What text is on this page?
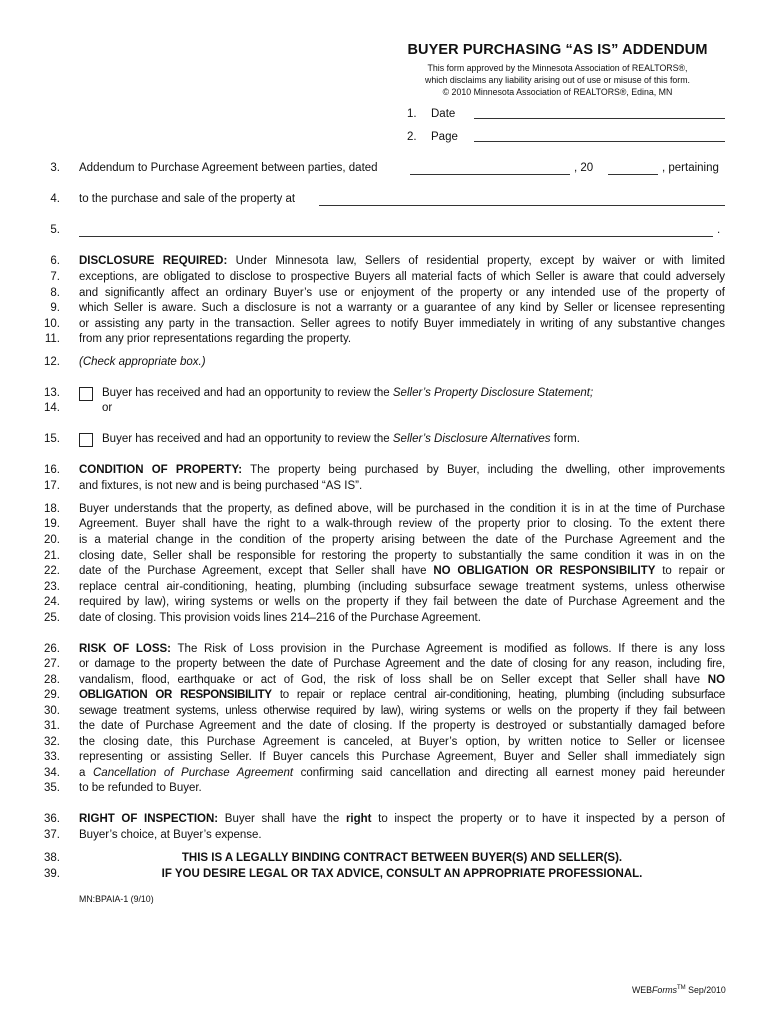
BUYER PURCHASING “AS IS” ADDENDUM
This form approved by the Minnesota Association of REALTORS®,
which disclaims any liability arising out of use or misuse of this form.
© 2010 Minnesota Association of REALTORS®, Edina, MN
1. Date
2. Page
3.
4.
5.
6.
7.
8.
9.
10.
11.
12.
13.
14.
15.
16.
17.
18.
19.
20.
21.
22.
23.
24.
25.
26.
27.
28.
29.
30.
31.
32.
33.
34.
35.
36.
37.
38.
39.
Addendum to Purchase Agreement between parties, dated	, 20	, pertaining
to the purchase and sale of the property at
.
DISCLOSURE REQUIRED: Under Minnesota law, Sellers of residential property, except by waiver or with limited
exceptions, are obligated to disclose to prospective Buyers all material facts of which Seller is aware that could adversely
and significantly affect an ordinary Buyer’s use or enjoyment of the property or any intended use of the property of
which Seller is aware. Such a disclosure is not a warranty or a guarantee of any kind by Seller or licensee representing
or assisting any party in the transaction. Seller agrees to notify Buyer immediately in writing of any substantive changes
from any prior representations regarding the property.
(Check appropriate box.)
Buyer has received and had an opportunity to review the Seller’s Property Disclosure Statement;
or
Buyer has received and had an opportunity to review the Seller’s Disclosure Alternatives form.
CONDITION OF PROPERTY: The property being purchased by Buyer, including the dwelling, other improvements
and fixtures, is not new and is being purchased “AS IS”.
Buyer understands that the property, as defined above, will be purchased in the condition it is in at the time of Purchase
Agreement. Buyer shall have the right to a walk-through review of the property prior to closing. To the extent there
is a material change in the condition of the property arising between the date of the Purchase Agreement and the
closing date, Seller shall be responsible for restoring the property to substantially the same condition it was in on the
date of the Purchase Agreement, except that Seller shall have NO OBLIGATION OR RESPONSIBILITY to repair or
replace central air-conditioning, heating, plumbing (including subsurface sewage treatment systems, unless otherwise
required by law), wiring systems or wells on the property if they fail between the date of Purchase Agreement and the
date of closing. This provision voids lines 214–216 of the Purchase Agreement.
RISK OF LOSS: The Risk of Loss provision in the Purchase Agreement is modified as follows. If there is any loss
or damage to the property between the date of Purchase Agreement and the date of closing for any reason, including fire,
vandalism, flood, earthquake or act of God, the risk of loss shall be on Seller except that Seller shall have NO
OBLIGATION OR RESPONSIBILITY to repair or replace central air-conditioning, heating, plumbing (including subsurface
sewage treatment systems, unless otherwise required by law), wiring systems or wells on the property if they fail between
the date of Purchase Agreement and the date of closing. If the property is destroyed or substantially damaged before
the closing date, this Purchase Agreement is canceled, at Buyer’s option, by written notice to Seller or licensee
representing or assisting Seller. If Buyer cancels this Purchase Agreement, Buyer and Seller shall immediately sign
a Cancellation of Purchase Agreement confirming said cancellation and directing all earnest money paid hereunder
to be refunded to Buyer.
RIGHT OF INSPECTION: Buyer shall have the right to inspect the property or to have it inspected by a person of
Buyer’s choice, at Buyer’s expense.
THIS IS A LEGALLY BINDING CONTRACT BETWEEN BUYER(S) AND SELLER(S).
IF YOU DESIRE LEGAL OR TAX ADVICE, CONSULT AN APPROPRIATE PROFESSIONAL.
MN:BPAIA-1 (9/10)
WEBForms™ Sep/2010
